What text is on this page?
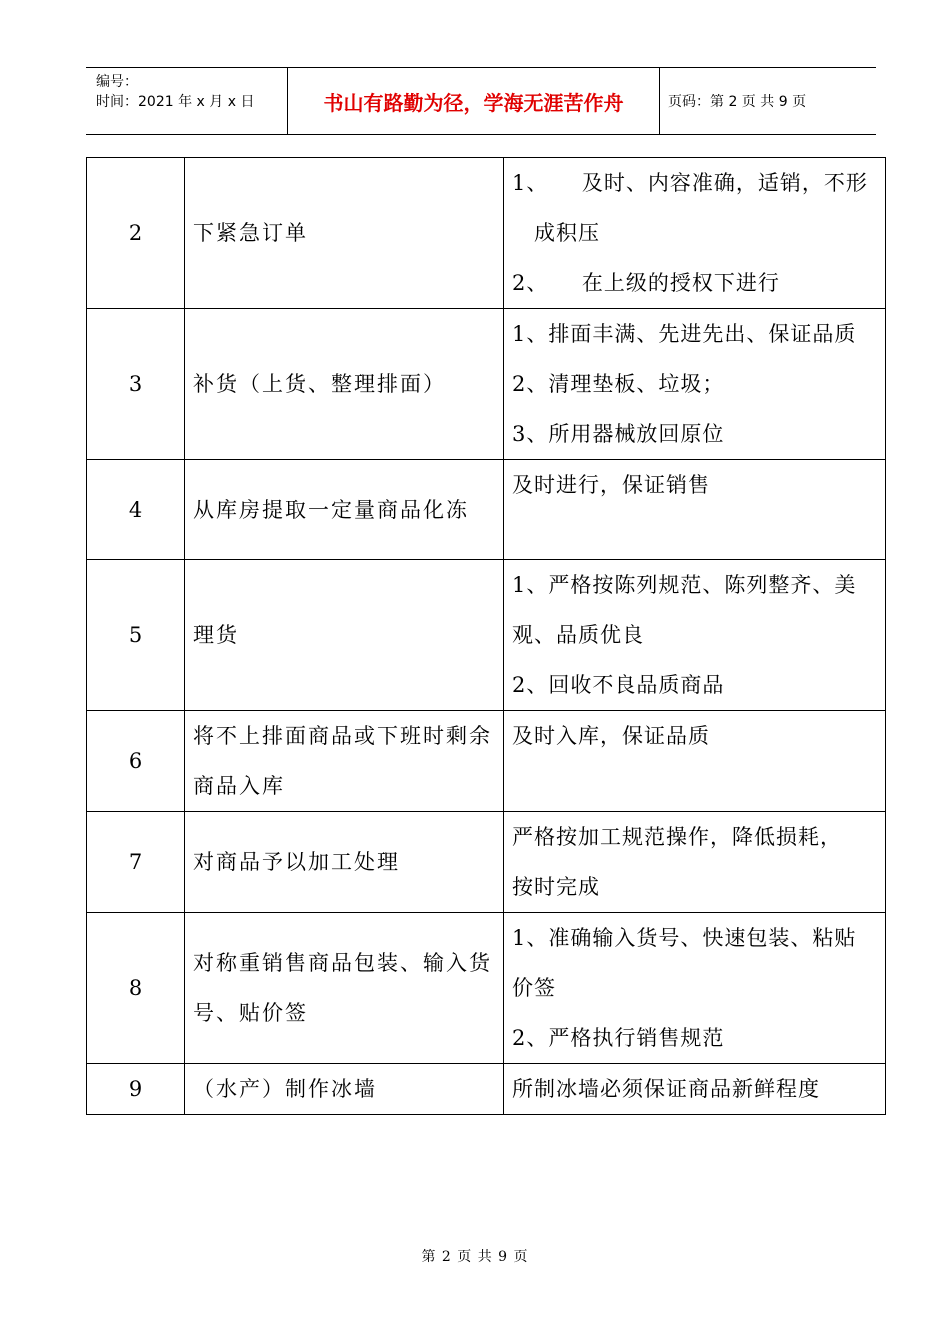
编号：
时间：2021 年 x 月 x 日	书山有路勤为径，学海无涯苦作舟	页码：第 2 页 共 9 页
2	下紧急订单	1、　　及时、内容准确，适销，不形
　成积压
2、　　在上级的授权下进行

3	补货（上货、整理排面）	1、排面丰满、先进先出、保证品质
2、清理垫板、垃圾；
3、所用器械放回原位

4	从库房提取一定量商品化冻	及时进行，保证销售

5	理货	1、严格按陈列规范、陈列整齐、美
观、品质优良
2、回收不良品质商品

6	将不上排面商品或下班时剩余商品入库	及时入库，保证品质

7	对商品予以加工处理	严格按加工规范操作，降低损耗，
按时完成

8	对称重销售商品包装、输入货号、贴价签	1、准确输入货号、快速包装、粘贴
价签
2、严格执行销售规范

9	（水产）制作冰墙	所制冰墙必须保证商品新鲜程度
第 2 页 共 9 页
